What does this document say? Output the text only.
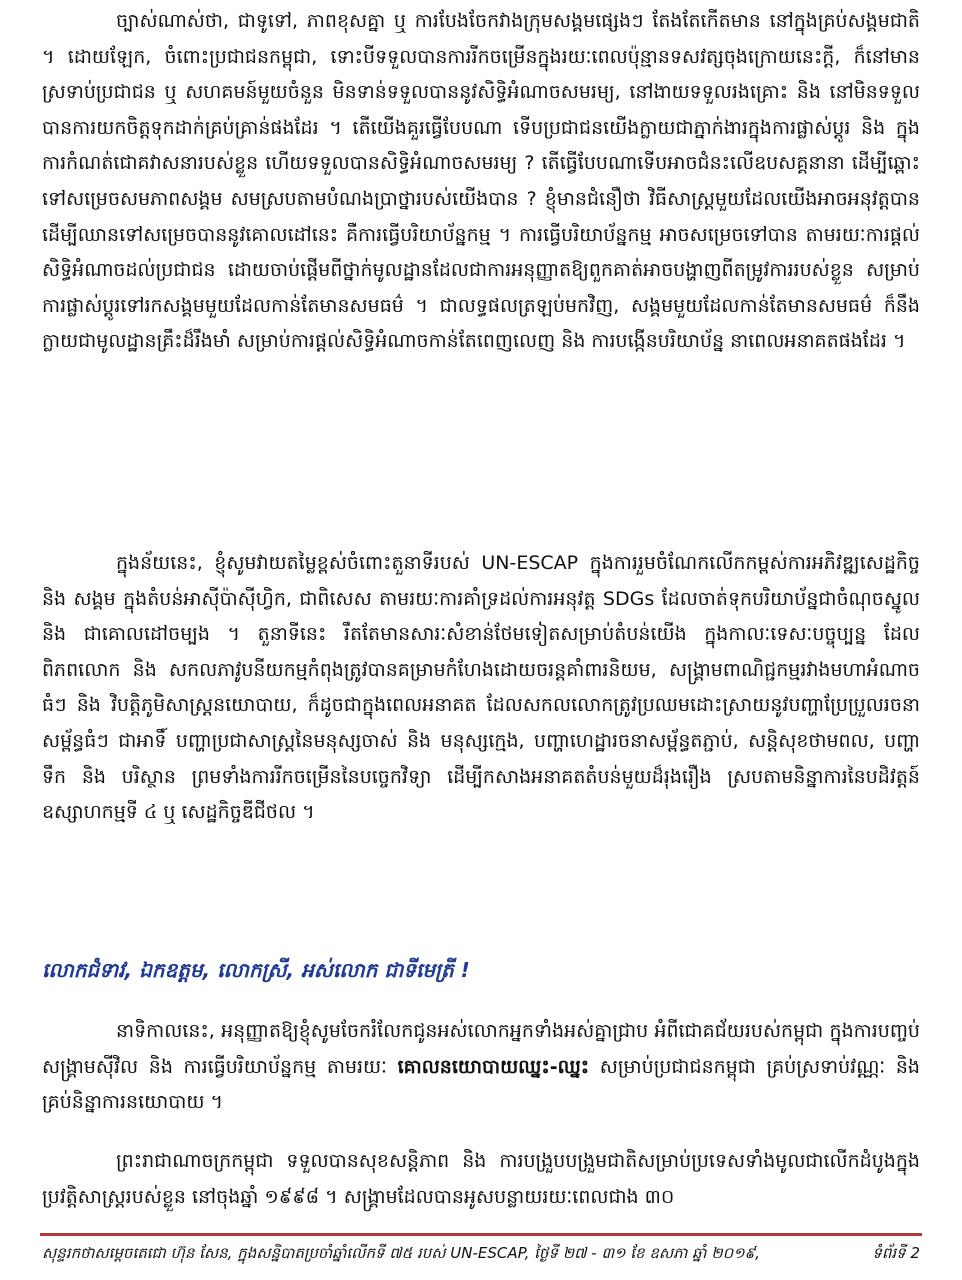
ច្បាស់ណាស់ថា, ជាទូទៅ, ភាពខុសគ្នា ឬ ការបែងចែកវាងក្រុមសង្គមផ្សេងៗ តែងតែកើតមាន នៅក្នុងគ្រប់សង្គមជាតិ ។ ដោយឡែក, ចំពោះប្រជាជនកម្ពុជា, ទោះបីទទួលបានការរីកចម្រើនក្នុងរយៈពេលប៉ុន្មានទសវត្សចុងក្រោយនេះក្តី, ក៏នៅមានស្រទាប់ប្រជាជន ឬ សហគមន៍មួយចំនួន មិនទាន់ទទួលបាននូវសិទ្ធិអំណាចសមរម្យ, នៅងាយទទួលរងគ្រោះ និង នៅមិនទទួលបានការយកចិត្តទុកដាក់គ្រប់គ្រាន់ផងដែរ ។ តើយើងគួរធ្វើបែបណា ទើបប្រជាជនយើងក្លាយជាភ្នាក់ងារក្នុងការផ្លាស់ប្តូរ និង ក្នុងការកំណត់ជោគវាសនារបស់ខ្លួន ហើយទទួលបានសិទ្ធិអំណាចសមរម្យ ? តើធ្វើបែបណាទើបអាចជំនះលើឧបសគ្គនានា ដើម្បីឆ្ពោះទៅសម្រេចសមភាពសង្គម សមស្របតាមបំណងប្រាថ្នារបស់យើងបាន ? ខ្ញុំមានជំនឿថា វិធីសាស្ត្រមួយដែលយើងអាចអនុវត្តបាន ដើម្បីឈានទៅសម្រេចបាននូវគោលដៅនេះ គឺការធ្វើបរិយាប័ន្នកម្ម ។ ការធ្វើបរិយាប័ន្នកម្ម អាចសម្រេចទៅបាន តាមរយៈការផ្តល់សិទ្ធិអំណាចដល់ប្រជាជន ដោយចាប់ផ្តើមពីថ្នាក់មូលដ្ឋានដែលជាការអនុញ្ញាតឱ្យពួកគាត់អាចបង្ហាញពីតម្រូវការរបស់ខ្លួន សម្រាប់ការផ្លាស់ប្តូរទៅរកសង្គមមួយដែលកាន់តែមានសមធម៌ ។ ជាលទ្ធផលត្រឡប់មកវិញ, សង្គមមួយដែលកាន់តែមានសមធម៌ ក៏នឹងក្លាយជាមូលដ្ឋានគ្រឹះដ៏រឹងមាំ សម្រាប់ការផ្តល់សិទ្ធិអំណាចកាន់តែពេញលេញ និង ការបង្កើនបរិយាប័ន្ន នាពេលអនាគតផងដែរ ។

ក្នុងន័យនេះ, ខ្ញុំសូមវាយតម្លៃខ្ពស់ចំពោះតួនាទីរបស់ UN-ESCAP ក្នុងការរួមចំណែកលើកកម្ពស់ការអភិវឌ្ឍសេដ្ឋកិច្ច និង សង្គម ក្នុងតំបន់អាស៊ីប៉ាស៊ីហ្វិក, ជាពិសេស តាមរយៈការគាំទ្រដល់ការអនុវត្ត SDGs ដែលចាត់ទុកបរិយាប័ន្នជាចំណុចស្នូល និង ជាគោលដៅចម្បង ។ តួនាទីនេះ រឹតតែមានសារៈសំខាន់ថែមទៀតសម្រាប់តំបន់យើង ក្នុងកាលៈទេសៈបច្ចុប្បន្ន ដែលពិភពលោក និង សកលភាវូបនីយកម្មកំពុងត្រូវបានគម្រាមកំហែងដោយចរន្តគាំពារនិយម, សង្គ្រាមពាណិជ្ជកម្មរវាងមហាអំណាចធំៗ និង វិបត្តិភូមិសាស្ត្រនយោបាយ, ក៏ដូចជាក្នុងពេលអនាគត ដែលសកលលោកត្រូវប្រឈមដោះស្រាយនូវបញ្ហាប្រែប្រួលរចនាសម្ព័ន្ធធំៗ ជាអាទិ៍ បញ្ហាប្រជាសាស្ត្រនៃមនុស្សចាស់ និង មនុស្សក្មេង, បញ្ហាហេដ្ឋារចនាសម្ព័ន្ធតភ្ជាប់, សន្តិសុខថាមពល, បញ្ហាទឹក និង បរិស្ថាន ព្រមទាំងការរីកចម្រើននៃបច្ចេកវិទ្យា ដើម្បីកសាងអនាគតតំបន់មួយដ៏រុងរឿង ស្របតាមនិន្នាការនៃបដិវត្តន៍ឧស្សាហកម្មទី ៤ ឬ សេដ្ឋកិច្ចឌីជីថល ។

លោកជំទាវ, ឯកឧត្តម, លោកស្រី, អស់លោក ជាទីមេត្រី !

នាទិកាលនេះ, អនុញ្ញាតឱ្យខ្ញុំសូមចែករំលែកជូនអស់លោកអ្នកទាំងអស់គ្នាជ្រាប អំពីជោគជ័យរបស់កម្ពុជា ក្នុងការបញ្ចប់សង្គ្រាមស៊ីវិល និង ការធ្វើបរិយាប័ន្នកម្ម តាមរយៈ គោលនយោបាយឈ្នះ-ឈ្នះ សម្រាប់ប្រជាជនកម្ពុជា គ្រប់ស្រទាប់វណ្ណៈ និង គ្រប់និន្នាការនយោបាយ ។

ព្រះរាជាណាចក្រកម្ពុជា ទទួលបានសុខសន្តិភាព និង ការបង្រួបបង្រួមជាតិសម្រាប់ប្រទេសទាំងមូលជាលើកដំបូងក្នុងប្រវត្តិសាស្ត្ររបស់ខ្លួន នៅចុងឆ្នាំ ១៩៩៨ ។ សង្គ្រាមដែលបានអូសបន្លាយរយៈពេលជាង ៣០

សុន្ទរកថាសម្តេចតេជោ ហ៊ុន សែន, ក្នុងសន្និបាតប្រចាំឆ្នាំលើកទី ៧៥ របស់ UN-ESCAP, ថ្ងៃទី ២៧ - ៣១ ខែ ឧសភា ឆ្នាំ ២០១៩,	ទំព័រទី 2
